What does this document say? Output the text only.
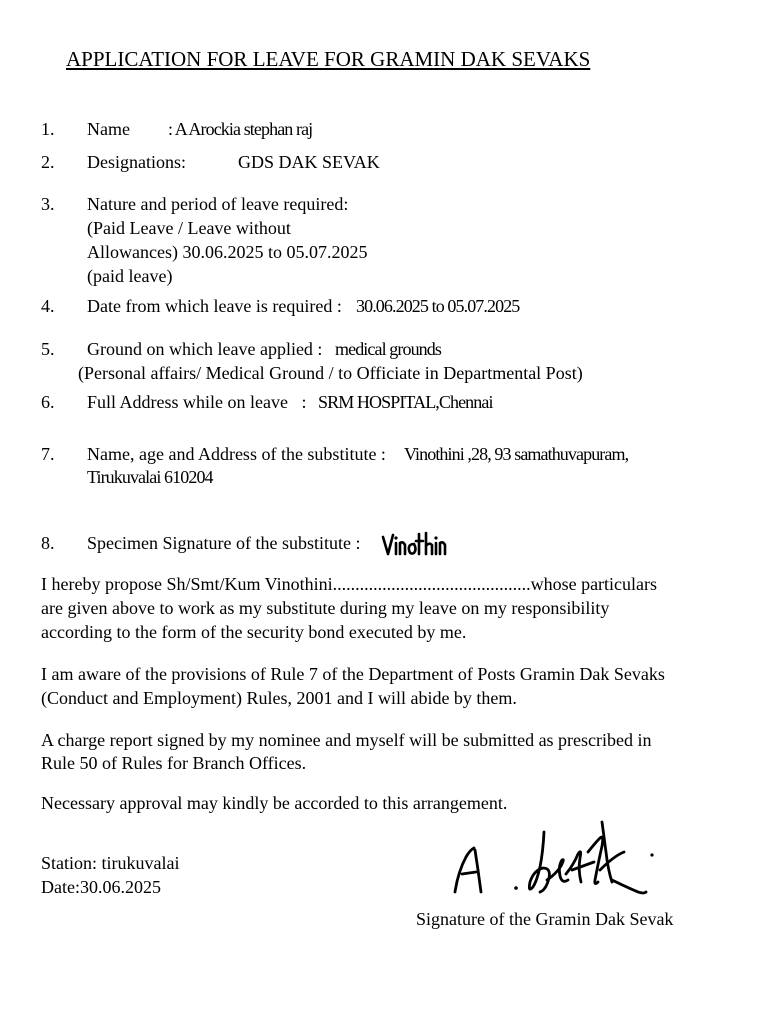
APPLICATION FOR LEAVE FOR GRAMIN DAK SEVAKS
1. Name : A Arockia stephan raj
2. Designations:	GDS DAK SEVAK
3. Nature and period of leave required:
(Paid Leave / Leave without
Allowances) 30.06.2025 to 05.07.2025
(paid leave)
4. Date from which leave is required : 30.06.2025 to 05.07.2025
5. Ground on which leave applied : medical grounds
(Personal affairs/ Medical Ground / to Officiate in Departmental Post)
6. Full Address while on leave   : SRM HOSPITAL,Chennai
7. Name, age and Address of the substitute : Vinothini ,28, 93 samathuvapuram,
Tirukuvalai 610204
8. Specimen Signature of the substitute :
I hereby propose Sh/Smt/Kum Vinothini............................................whose particulars
are given above to work as my substitute during my leave on my responsibility
according to the form of the security bond executed by me.
I am aware of the provisions of Rule 7 of the Department of Posts Gramin Dak Sevaks
(Conduct and Employment) Rules, 2001 and I will abide by them.
A charge report signed by my nominee and myself will be submitted as prescribed in
Rule 50 of Rules for Branch Offices.
Necessary approval may kindly be accorded to this arrangement.
Station: tirukuvalai
Date:30.06.2025
Signature of the Gramin Dak Sevak
